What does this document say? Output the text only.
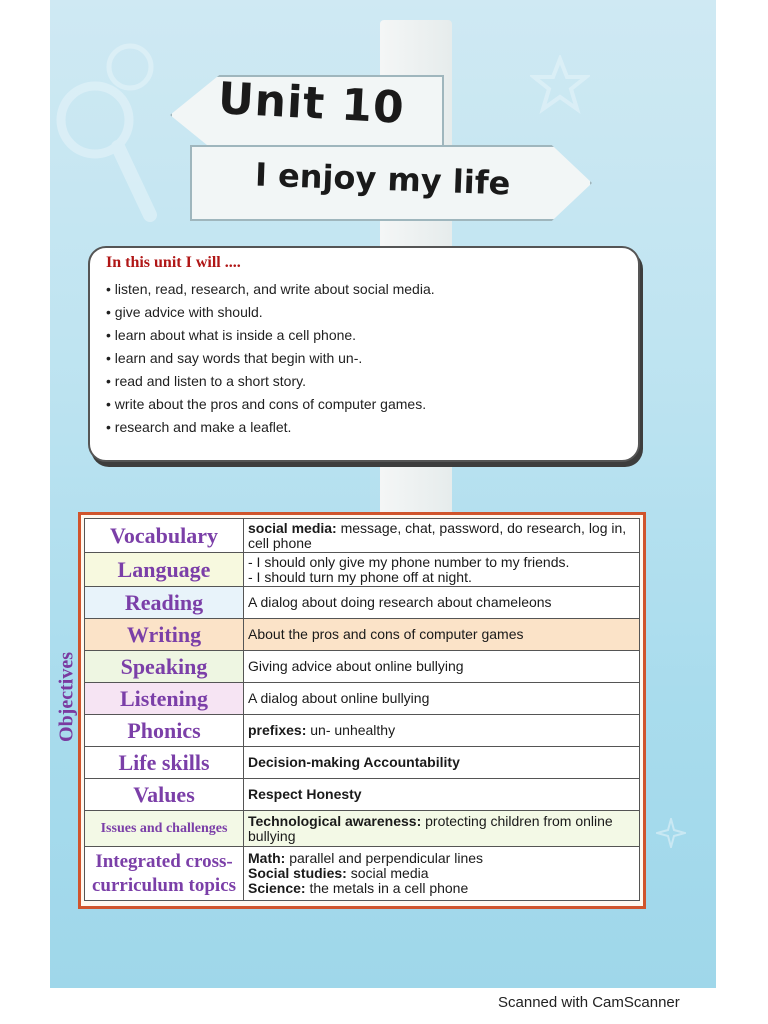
Unit 10
I enjoy my life
In this unit I will ....
• listen, read, research, and write about social media.
• give advice with should.
• learn about what is inside a cell phone.
• learn and say words that begin with un-.
• read and listen to a short story.
• write about the pros and cons of computer games.
• research and make a leaflet.
Objectives
Vocabulary	social media: message, chat, password, do research, log in, cell phone
Language	- I should only give my phone number to my friends.
- I should turn my phone off at night.

Reading	A dialog about doing research about chameleons
Writing	About the pros and cons of computer games
Speaking	Giving advice about online bullying
Listening	A dialog about online bullying
Phonics	prefixes: un- unhealthy
Life skills	Decision-making Accountability
Values	Respect Honesty
Issues and challenges	Technological awareness: protecting children from online bullying

Integrated cross-
curriculum topics	Math: parallel and perpendicular lines
Social studies: social media
Science: the metals in a cell phone
Scanned with CamScanner
